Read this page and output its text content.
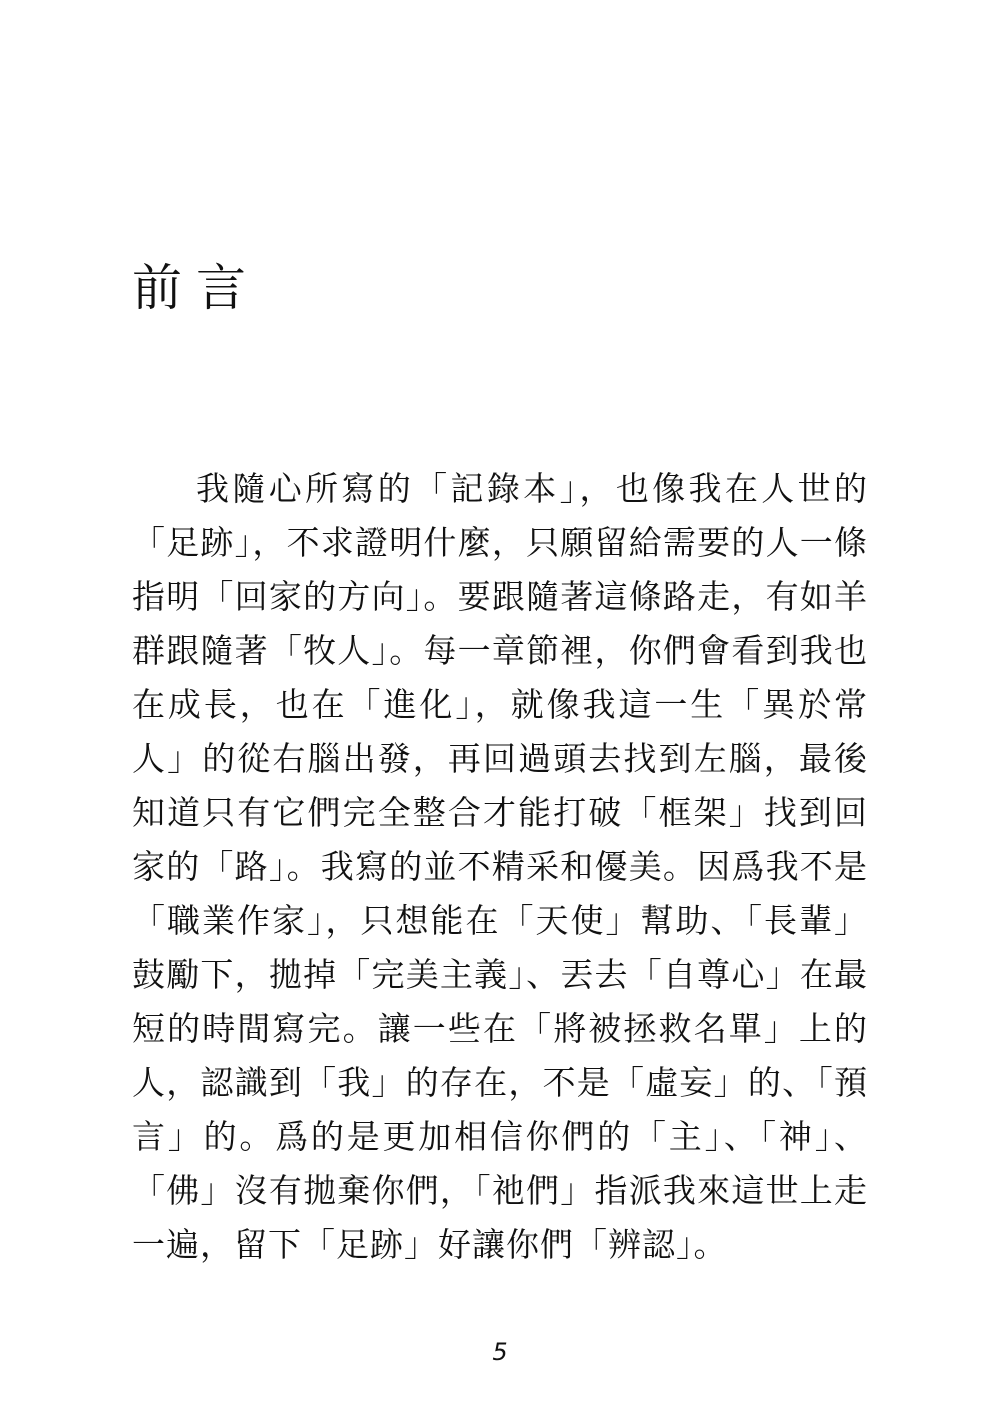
前言

我隨心所寫的「記錄本」，也像我在人世的「足跡」，不求證明什麼，只願留給需要的人一條指明「回家的方向」。要跟隨著這條路走，有如羊群跟隨著「牧人」。每一章節裡，你們會看到我也在成長，也在「進化」，就像我這一生「異於常人」的從右腦出發，再回過頭去找到左腦，最後知道只有它們完全整合才能打破「框架」找到回家的「路」。我寫的並不精采和優美。因爲我不是「職業作家」，只想能在「天使」幫助、「長輩」鼓勵下，拋掉「完美主義」、丟去「自尊心」在最短的時間寫完。讓一些在「將被拯救名單」上的人，認識到「我」的存在，不是「虛妄」的、「預言」的。爲的是更加相信你們的「主」、「神」、「佛」沒有拋棄你們，「祂們」指派我來這世上走一遍，留下「足跡」好讓你們「辨認」。

5
